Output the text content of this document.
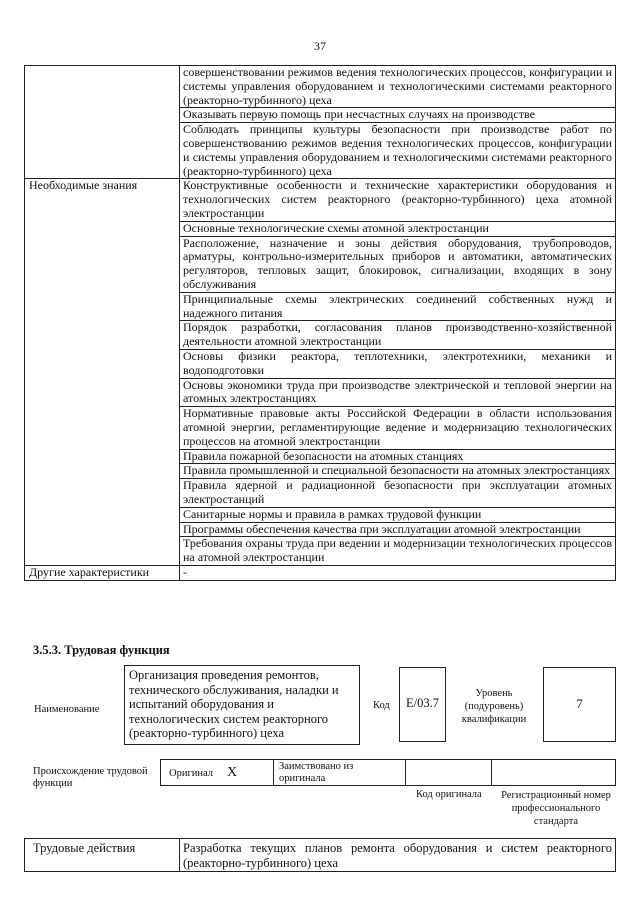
37
	совершенствовании режимов ведения технологических процессов, конфигурации и системы управления оборудованием и технологическими системами реакторного (реакторно-турбинного) цеха
	Оказывать первую помощь при несчастных случаях на производстве
	Соблюдать принципы культуры безопасности при производстве работ по совершенствованию режимов ведения технологических процессов, конфигурации и системы управления оборудованием и технологическими системами реакторного (реакторно-турбинного) цеха
Необходимые знания	Конструктивные особенности и технические характеристики оборудования и технологических систем реакторного (реакторно-турбинного) цеха атомной электростанции
	Основные технологические схемы атомной электростанции
	Расположение, назначение и зоны действия оборудования, трубопроводов, арматуры, контрольно-измерительных приборов и автоматики, автоматических регуляторов, тепловых защит, блокировок, сигнализации, входящих в зону обслуживания
	Принципиальные схемы электрических соединений собственных нужд и надежного питания
	Порядок разработки, согласования планов производственно-хозяйственной деятельности атомной электростанции
	Основы физики реактора, теплотехники, электротехники, механики и водоподготовки
	Основы экономики труда при производстве электрической и тепловой энергии на атомных электростанциях
	Нормативные правовые акты Российской Федерации в области использования атомной энергии, регламентирующие ведение и модернизацию технологических процессов на атомной электростанции
	Правила пожарной безопасности на атомных станциях
	Правила промышленной и специальной безопасности на атомных электростанциях
	Правила ядерной и радиационной безопасности при эксплуатации атомных электростанций
	Санитарные нормы и правила в рамках трудовой функции
	Программы обеспечения качества при эксплуатации атомной электростанции
	Требования охраны труда при ведении и модернизации технологических процессов на атомной электростанции
Другие характеристики	-
3.5.3. Трудовая функция
Наименование
Организация проведения ремонтов, технического обслуживания, наладки и испытаний оборудования и технологических систем реакторного (реакторно-турбинного) цеха
Код	E/03.7
Уровень (подуровень) квалификации
7
Происхождение трудовой функции
Оригинал X	Заимствовано из оригинала
Код оригинала	Регистрационный номер профессионального стандарта
Трудовые действия	Разработка текущих планов ремонта оборудования и систем реакторного (реакторно-турбинного) цеха
